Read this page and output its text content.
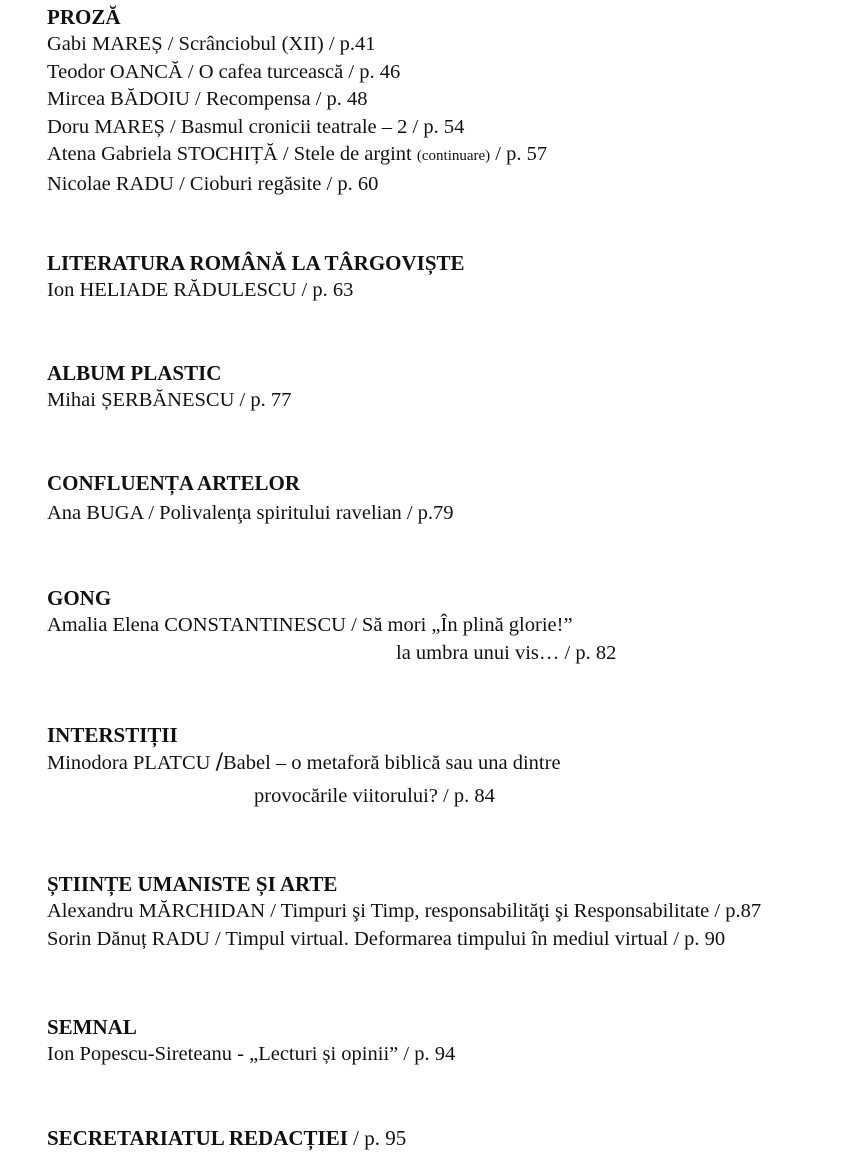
PROZĂ
Gabi MAREȘ / Scrânciobul (XII) / p.41
Teodor OANCĂ / O cafea turcească / p. 46
Mircea BĂDOIU / Recompensa / p. 48
Doru MAREȘ / Basmul cronicii teatrale – 2 / p. 54
Atena Gabriela STOCHIȚĂ / Stele de argint (continuare) / p. 57
Nicolae RADU / Cioburi regăsite / p. 60
LITERATURA ROMÂNĂ LA TÂRGOVIȘTE
Ion HELIADE RĂDULESCU / p. 63
ALBUM PLASTIC
Mihai ȘERBĂNESCU / p. 77
CONFLUENȚA ARTELOR
Ana BUGA / Polivalenţa spiritului ravelian / p.79
GONG
Amalia Elena CONSTANTINESCU / Să mori „În plină glorie!”
la umbra unui vis… / p. 82
INTERSTIȚII
Minodora PLATCU /Babel – o metaforă biblică sau una dintre
provocările viitorului? / p. 84
ȘTIINȚE UMANISTE ȘI ARTE
Alexandru MĂRCHIDAN / Timpuri şi Timp, responsabilităţi şi Responsabilitate / p.87
Sorin Dănuț RADU / Timpul virtual. Deformarea timpului în mediul virtual / p. 90
SEMNAL
Ion Popescu-Sireteanu - „Lecturi și opinii” / p. 94
SECRETARIATUL REDACȚIEI / p. 95
